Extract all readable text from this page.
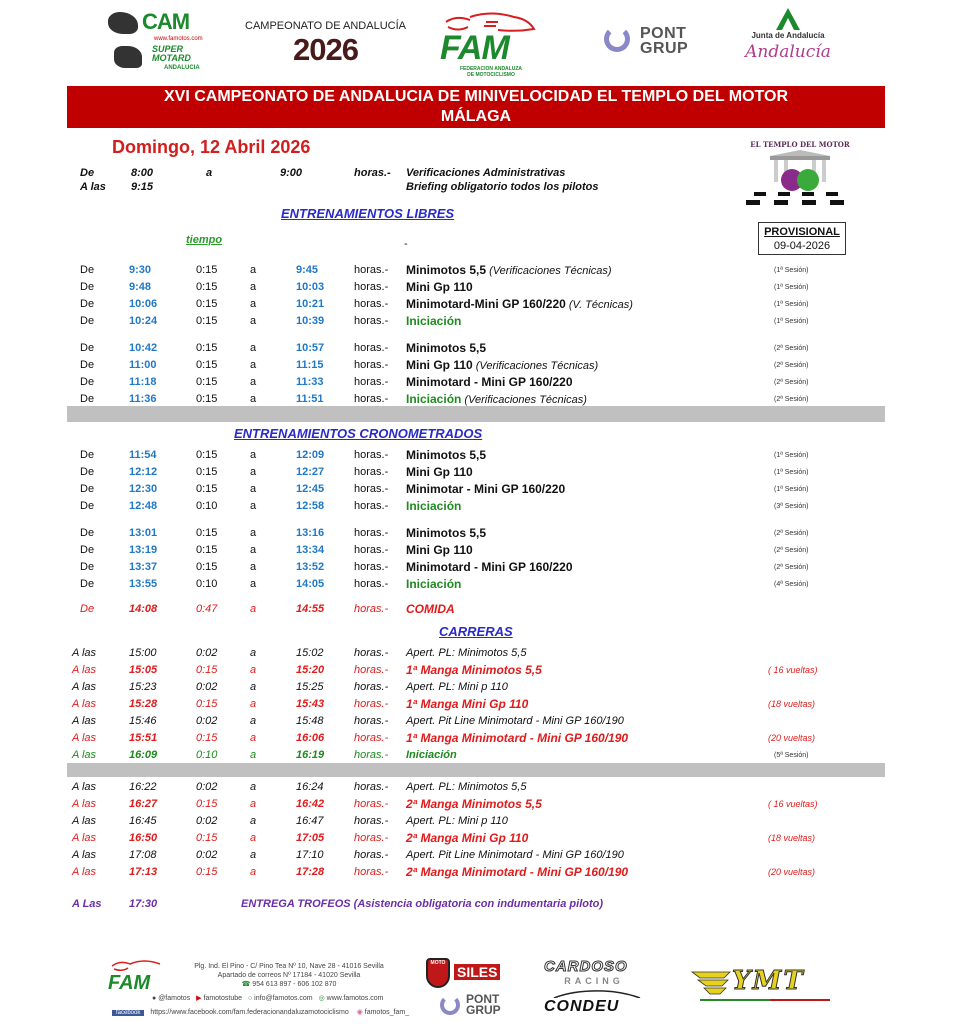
CAM
www.famotos.com
SUPER MOTARD
ANDALUCIA
CAMPEONATO DE ANDALUCÍA
2026	FAM
FEDERACION ANDALUZA
DE MOTOCICLISMO
PONT
GRUP
Junta de Andalucía
Andalucía
XVI CAMPEONATO DE ANDALUCIA DE MINIVELOCIDAD EL TEMPLO DEL MOTOR
MÁLAGA
Domingo, 12 Abril 2026	EL TEMPLO DEL MOTOR
PROVISIONAL
09-04-2026
De	8:00	a	9:00	horas.- Verificaciones Administrativas
A las 9:15	Briefing obligatorio todos los pilotos
ENTRENAMIENTOS LIBRES
tiempo	-
De	9:30	0:15	a	9:45	horas.- Minimotos 5,5 (Verificaciones Técnicas)	(1ª Sesión)
De	9:48	0:15	a	10:03	horas.- Mini Gp 110	(1ª Sesión)
De	10:06	0:15	a	10:21	horas.- Minimotard-Mini GP 160/220 (V. Técnicas)	(1ª Sesión)
De	10:24	0:15	a	10:39	horas.- Iniciación	(1ª Sesión)
De	10:42	0:15	a	10:57	horas.- Minimotos 5,5	(2ª Sesión)
De	11:00	0:15	a	11:15	horas.- Mini Gp 110 (Verificaciones Técnicas)	(2ª Sesión)
De	11:18	0:15	a	11:33	horas.- Minimotard - Mini GP 160/220	(2ª Sesión)
De	11:36	0:15	a	11:51	horas.- Iniciación (Verificaciones Técnicas)	(2ª Sesión)
ENTRENAMIENTOS CRONOMETRADOS
De	11:54	0:15	a	12:09	horas.- Minimotos 5,5	(1ª Sesión)
De	12:12	0:15	a	12:27	horas.- Mini Gp 110	(1ª Sesión)
De	12:30	0:15	a	12:45	horas.- Minimotar - Mini GP 160/220	(1ª Sesión)
De	12:48	0:10	a	12:58	horas.- Iniciación	(3ª Sesión)
De	13:01	0:15	a	13:16	horas.- Minimotos 5,5	(2ª Sesión)
De	13:19	0:15	a	13:34	horas.- Mini Gp 110	(2ª Sesión)
De	13:37	0:15	a	13:52	horas.- Minimotard - Mini GP 160/220	(2ª Sesión)
De	13:55	0:10	a	14:05	horas.- Iniciación	(4ª Sesión)
De	14:08	0:47	a	14:55	horas.- COMIDA
CARRERAS
A las	15:00	0:02	a	15:02	horas.- Apert. PL: Minimotos 5,5
A las	15:05	0:15	a	15:20	horas.- 1ª Manga Minimotos 5,5	( 16 vueltas)
A las	15:23	0:02	a	15:25	horas.- Apert. PL: Mini p 110
A las	15:28	0:15	a	15:43	horas.- 1ª Manga Mini Gp 110	(18 vueltas)
A las	15:46	0:02	a	15:48	horas.- Apert. Pit Line Minimotard - Mini GP 160/190
A las	15:51	0:15	a	16:06	horas.- 1ª Manga Minimotard - Mini GP 160/190	(20 vueltas)
A las	16:09	0:10	a	16:19	horas.- Iniciación	(5ª Sesión)
A las	16:22	0:02	a	16:24	horas.- Apert. PL: Minimotos 5,5
A las	16:27	0:15	a	16:42	horas.- 2ª Manga Minimotos 5,5	( 16 vueltas)
A las	16:45	0:02	a	16:47	horas.- Apert. PL: Mini p 110
A las	16:50	0:15	a	17:05	horas.- 2ª Manga Mini Gp 110	(18 vueltas)
A las	17:08	0:02	a	17:10	horas.- Apert. Pit Line Minimotard - Mini GP 160/190
A las	17:13	0:15	a	17:28	horas.- 2ª Manga Minimotard - Mini GP 160/190	(20 vueltas)
A Las 17:30	ENTREGA TROFEOS (Asistencia obligatoria con indumentaria piloto)
FAM
Plg. Ind. El Pino - C/ Pino Tea Nº 10, Nave 28 - 41016 Sevilla
Apartado de correos Nº 17184 - 41020 Sevilla
☎ 954 613 897 - 606 102 870
● @famotos ▶ famotostube ○ info@famotos.com ◎ www.famotos.com
facebook https://www.facebook.com/fam.federacionandaluzamotociclismo ◉ famotos_fam_
MOTO
SILES
PONT
GRUP
CARDOSO
RACING
CONDEU
YMT
